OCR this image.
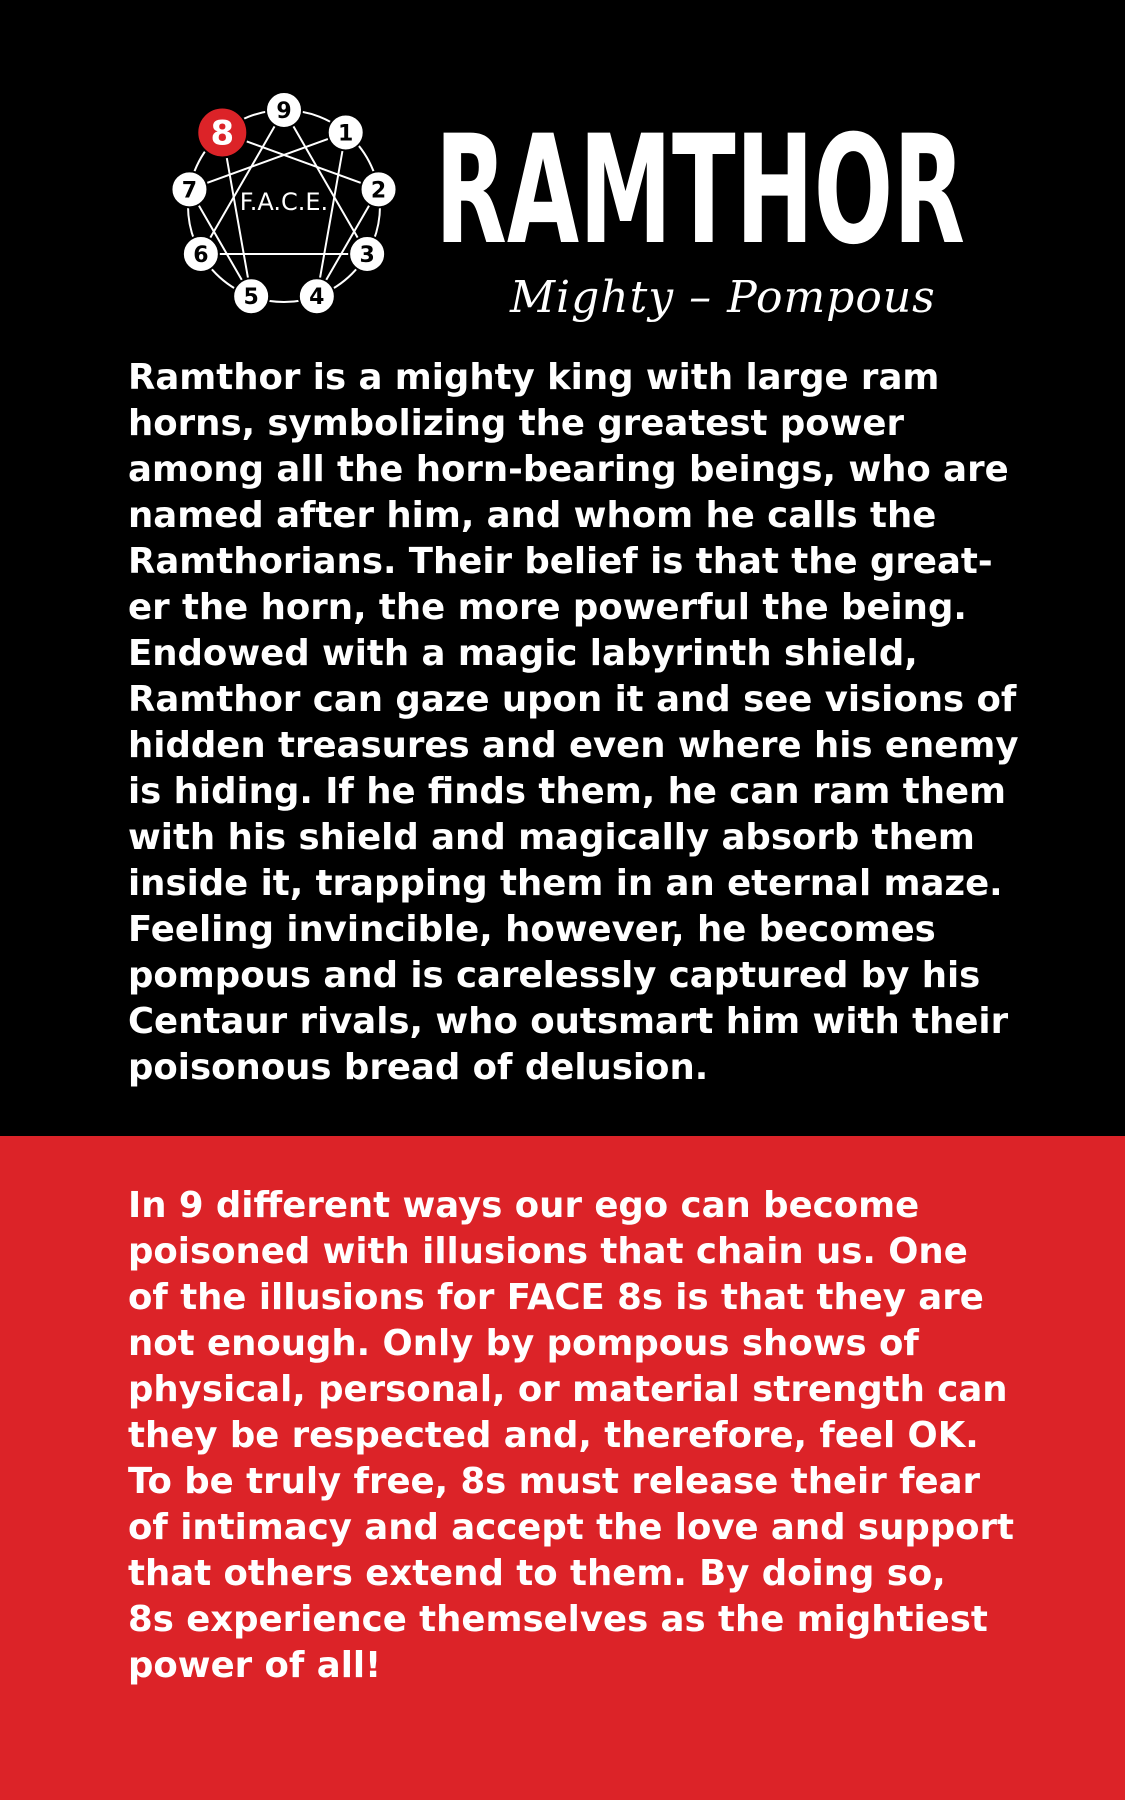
F.A.C.E.
9
1
2
3
4
5
6
7
8 RAMTHOR
Mighty – Pompous
Ramthor is a mighty king with large ram
horns, symbolizing the greatest power
among all the horn-bearing beings, who are
named after him, and whom he calls the
Ramthorians. Their belief is that the great-
er the horn, the more powerful the being.
Endowed with a magic labyrinth shield,
Ramthor can gaze upon it and see visions of
hidden treasures and even where his enemy
is hiding. If he finds them, he can ram them
with his shield and magically absorb them
inside it, trapping them in an eternal maze.
Feeling invincible, however, he becomes
pompous and is carelessly captured by his
Centaur rivals, who outsmart him with their
poisonous bread of delusion.
In 9 different ways our ego can become
poisoned with illusions that chain us. One
of the illusions for FACE 8s is that they are
not enough. Only by pompous shows of
physical, personal, or material strength can
they be respected and, therefore, feel OK.
To be truly free, 8s must release their fear
of intimacy and accept the love and support
that others extend to them. By doing so,
8s experience themselves as the mightiest
power of all!
